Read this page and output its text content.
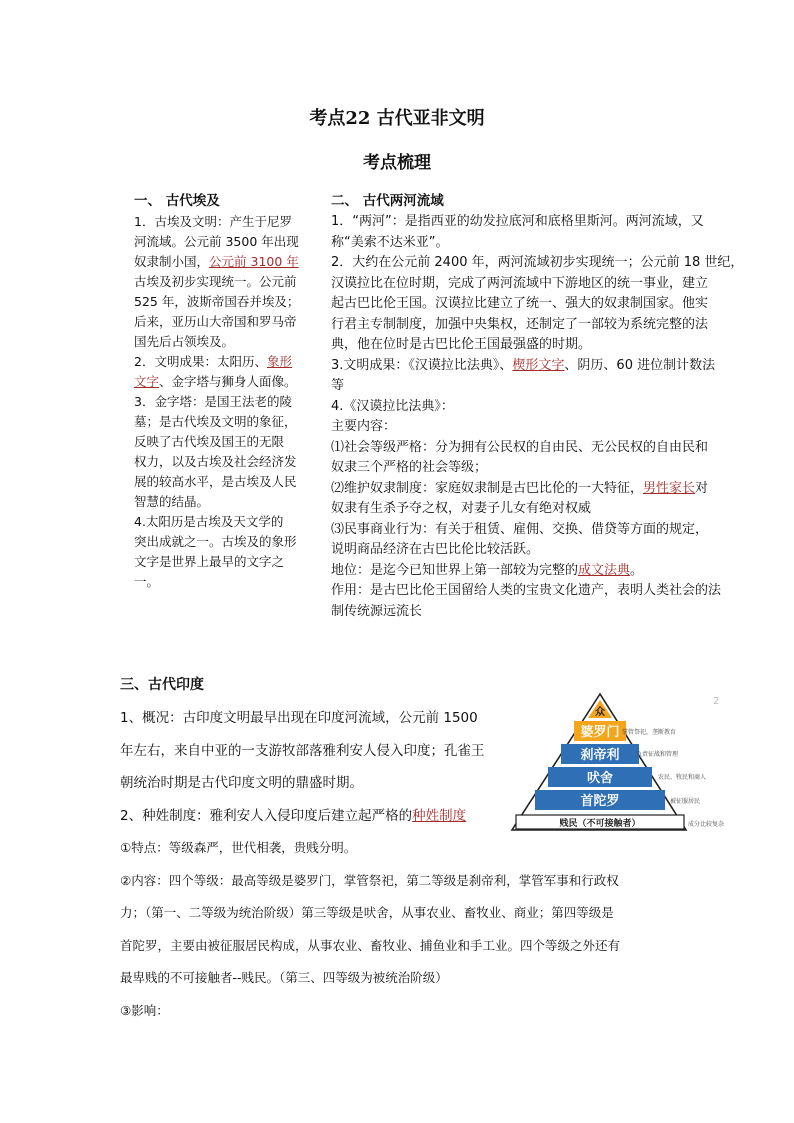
考点22 古代亚非文明
考点梳理
一、 古代埃及
1．古埃及文明：产生于尼罗
河流域。公元前 3500 年出现
奴隶制小国，公元前 3100 年
古埃及初步实现统一。公元前
525 年，波斯帝国吞并埃及；
后来，亚历山大帝国和罗马帝
国先后占领埃及。
2．文明成果：太阳历、象形
文字、金字塔与狮身人面像。
3．金字塔：是国王法老的陵
墓；是古代埃及文明的象征，
反映了古代埃及国王的无限
权力，以及古埃及社会经济发
展的较高水平，是古埃及人民
智慧的结晶。
4.太阳历是古埃及天文学的
突出成就之一。古埃及的象形
文字是世界上最早的文字之
一。
二、 古代两河流域
1．“两河”：是指西亚的幼发拉底河和底格里斯河。两河流域，又
称“美索不达米亚”。
2．大约在公元前 2400 年，两河流域初步实现统一；公元前 18 世纪，
汉谟拉比在位时期，完成了两河流域中下游地区的统一事业，建立
起古巴比伦王国。汉谟拉比建立了统一、强大的奴隶制国家。他实
行君主专制制度，加强中央集权，还制定了一部较为系统完整的法
典，他在位时是古巴比伦王国最强盛的时期。
3.文明成果：《汉谟拉比法典》、楔形文字、阴历、60 进位制计数法
等
4.《汉谟拉比法典》：
主要内容：
⑴社会等级严格：分为拥有公民权的自由民、无公民权的自由民和
奴隶三个严格的社会等级；
⑵维护奴隶制度：家庭奴隶制是古巴比伦的一大特征，男性家长对
奴隶有生杀予夺之权，对妻子儿女有绝对权威
⑶民事商业行为：有关于租赁、雇佣、交换、借贷等方面的规定，
说明商品经济在古巴比伦比较活跃。
地位：是迄今已知世界上第一部较为完整的成文法典。
作用：是古巴比伦王国留给人类的宝贵文化遗产，表明人类社会的法
制传统源远流长
三、古代印度
1、概况：古印度文明最早出现在印度河流域，公元前 1500
年左右，来自中亚的一支游牧部落雅利安人侵入印度；孔雀王
朝统治时期是古代印度文明的鼎盛时期。
2、种姓制度：雅利安人入侵印度后建立起严格的种姓制度
①特点：等级森严，世代相袭，贵贱分明。
②内容：四个等级：最高等级是婆罗门，掌管祭祀，第二等级是刹帝利，掌管军事和行政权
力；（第一、二等级为统治阶级）第三等级是吠舍，从事农业、畜牧业、商业；第四等级是
首陀罗，主要由被征服居民构成，从事农业、畜牧业、捕鱼业和手工业。四个等级之外还有
最卑贱的不可接触者--贱民。（第三、四等级为被统治阶级）
③影响：
众
婆罗门
刹帝利
吠舍
首陀罗
贱民（不可接触者）
掌管祭祀，垄断教育
负责征战和管理
农民、牧民和商人
被征服居民
成分比较复杂
2
